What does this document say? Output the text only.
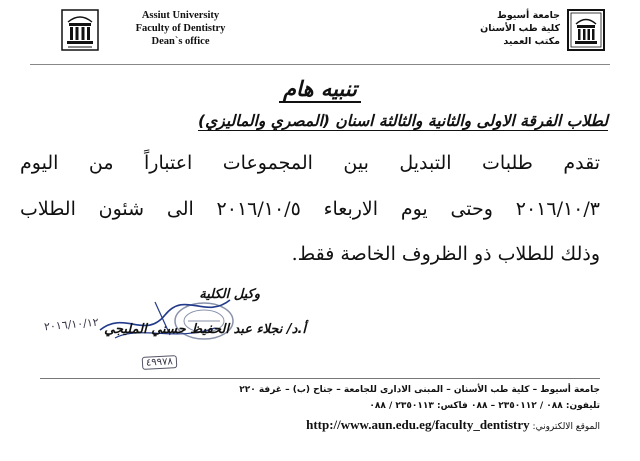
Assiut University
Faculty of Dentistry
Dean`s office
جامعة أسيوط
كلية طب الأسنان
مكتب العميد
تنبيه هام
لطلاب الفرقة الاولى والثانية والثالثة اسنان (المصري والماليزي)
تقدم طلبات التبديل بين المجموعات اعتباراً من اليوم
٢٠١٦/١٠/٣ وحتى يوم الاربعاء ٢٠١٦/١٠/٥ الى شئون الطلاب
وذلك للطلاب ذو الظروف الخاصة فقط.
وكيل الكلية
أ.د/ نجلاء عبد الحفيظ حسني المليجي
٢٠١٦/١٠/١٢
٤٩٩٧٨
جامعة أسيوط – كلية طب الأسنان – المبنى الادارى للجامعة – جناح (ب) – غرفة ٢٢٠
تليفون: ٠٨٨ / ٢٣٥٠١١٢ – ٠٨٨ فاكس: ٢٣٥٠١١٣ / ٠٨٨
الموقع الالكتروني: http://www.aun.edu.eg/faculty_dentistry
